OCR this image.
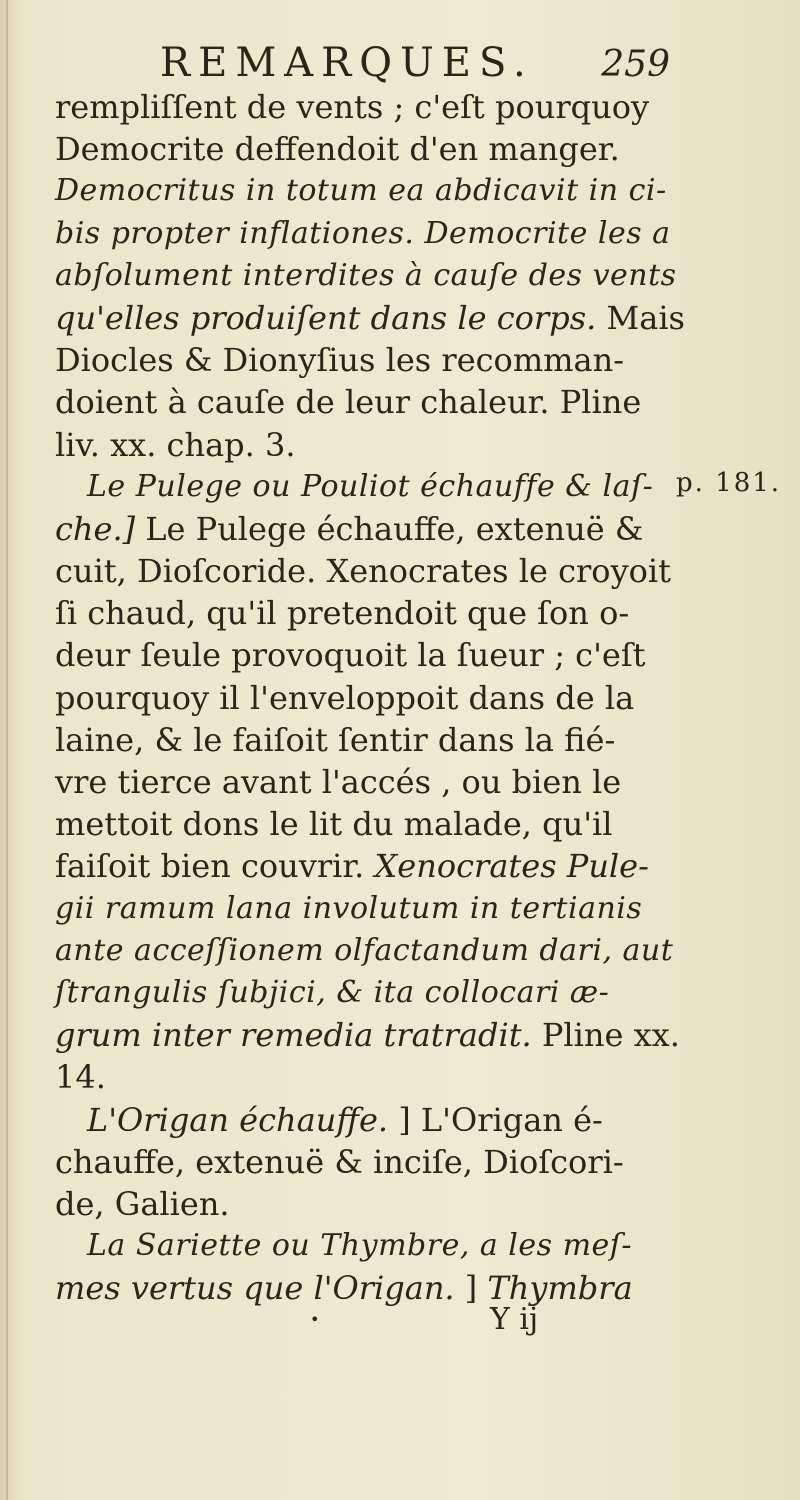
REMARQUES. 259
rempliſſent de vents ; c'eſt pourquoy
Democrite deffendoit d'en manger.
Democritus in totum ea abdicavit in ci-
bis propter inflationes. Democrite les a
abſolument interdites à cauſe des vents
qu'elles produiſent dans le corps. Mais
Diocles & Dionyſius les recomman-
doient à cauſe de leur chaleur. Pline
liv. xx. chap. 3.
Le Pulege ou Pouliot échauffe & laſ-
che.] Le Pulege échauffe, extenuë &
cuit, Dioſcoride. Xenocrates le croyoit
ſi chaud, qu'il pretendoit que ſon o-
deur ſeule provoquoit la ſueur ; c'eſt
pourquoy il l'enveloppoit dans de la
laine, & le faiſoit ſentir dans la fié-
vre tierce avant l'accés , ou bien le
mettoit dons le lit du malade, qu'il
faiſoit bien couvrir. Xenocrates Pule-
gii ramum lana involutum in tertianis
ante acceſſionem olfactandum dari, aut
ſtrangulis ſubjici, & ita collocari æ-
grum inter remedia tratradit. Pline xx.
14.
L'Origan échauffe. ] L'Origan é-
chauffe, extenuë & inciſe, Dioſcori-
de, Galien.
La Sariette ou Thymbre, a les meſ-
mes vertus que l'Origan. ] Thymbra
p. 181.
•	Y ij
